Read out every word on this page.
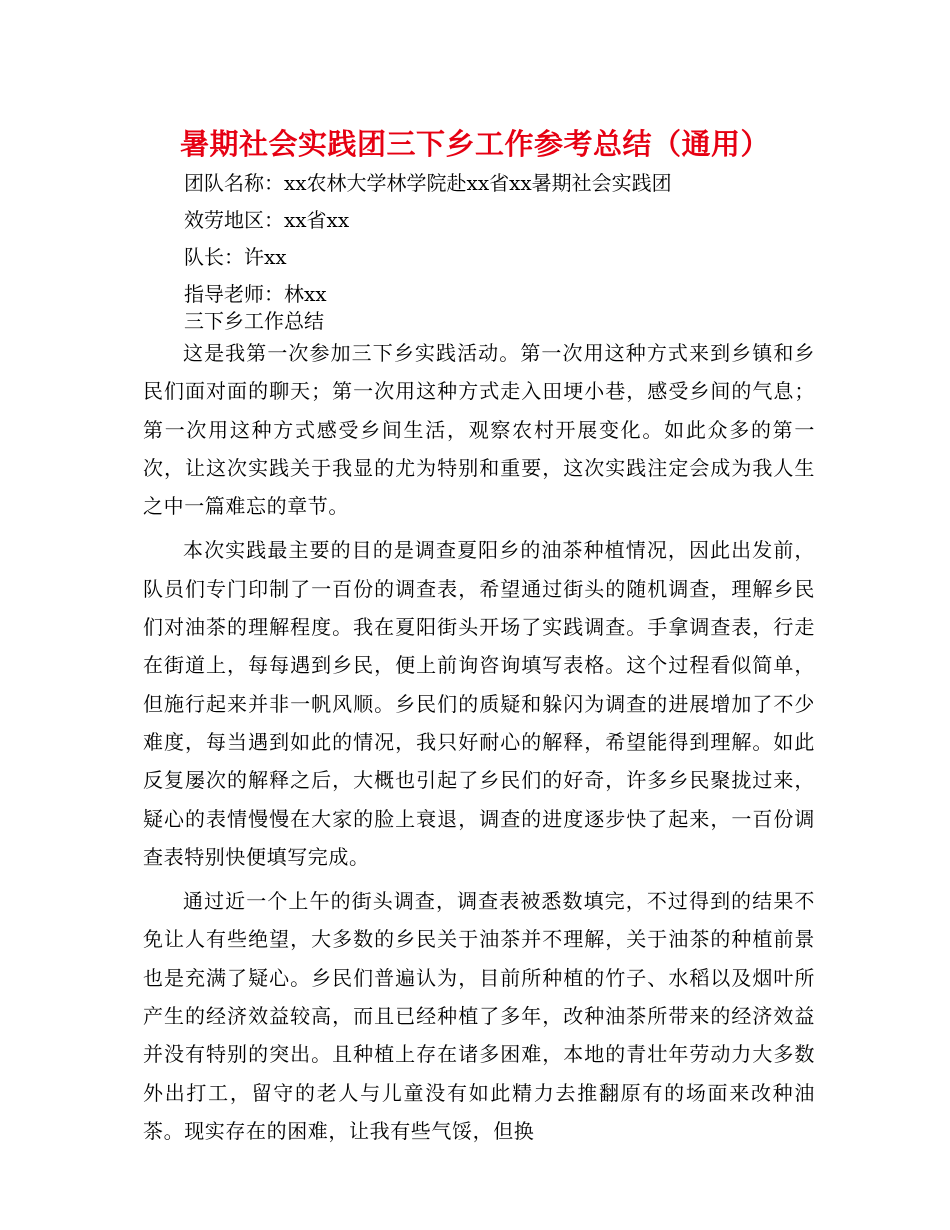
暑期社会实践团三下乡工作参考总结（通用）
团队名称：xx农林大学林学院赴xx省xx暑期社会实践团
效劳地区：xx省xx
队长：许xx
指导老师：林xx
三下乡工作总结

这是我第一次参加三下乡实践活动。第一次用这种方式来到乡镇和乡民们面对面的聊天；第一次用这种方式走入田埂小巷，感受乡间的气息；第一次用这种方式感受乡间生活，观察农村开展变化。如此众多的第一次，让这次实践关于我显的尤为特别和重要，这次实践注定会成为我人生之中一篇难忘的章节。

本次实践最主要的目的是调查夏阳乡的油茶种植情况，因此出发前，队员们专门印制了一百份的调查表，希望通过街头的随机调查，理解乡民们对油茶的理解程度。我在夏阳街头开场了实践调查。手拿调查表，行走在街道上，每每遇到乡民，便上前询咨询填写表格。这个过程看似简单，但施行起来并非一帆风顺。乡民们的质疑和躲闪为调查的进展增加了不少难度，每当遇到如此的情况，我只好耐心的解释，希望能得到理解。如此反复屡次的解释之后，大概也引起了乡民们的好奇，许多乡民聚拢过来，疑心的表情慢慢在大家的脸上衰退，调查的进度逐步快了起来，一百份调查表特别快便填写完成。

通过近一个上午的街头调查，调查表被悉数填完，不过得到的结果不免让人有些绝望，大多数的乡民关于油茶并不理解，关于油茶的种植前景也是充满了疑心。乡民们普遍认为，目前所种植的竹子、水稻以及烟叶所产生的经济效益较高，而且已经种植了多年，改种油茶所带来的经济效益并没有特别的突出。且种植上存在诸多困难，本地的青壮年劳动力大多数外出打工，留守的老人与儿童没有如此精力去推翻原有的场面来改种油茶。现实存在的困难，让我有些气馁，但换
